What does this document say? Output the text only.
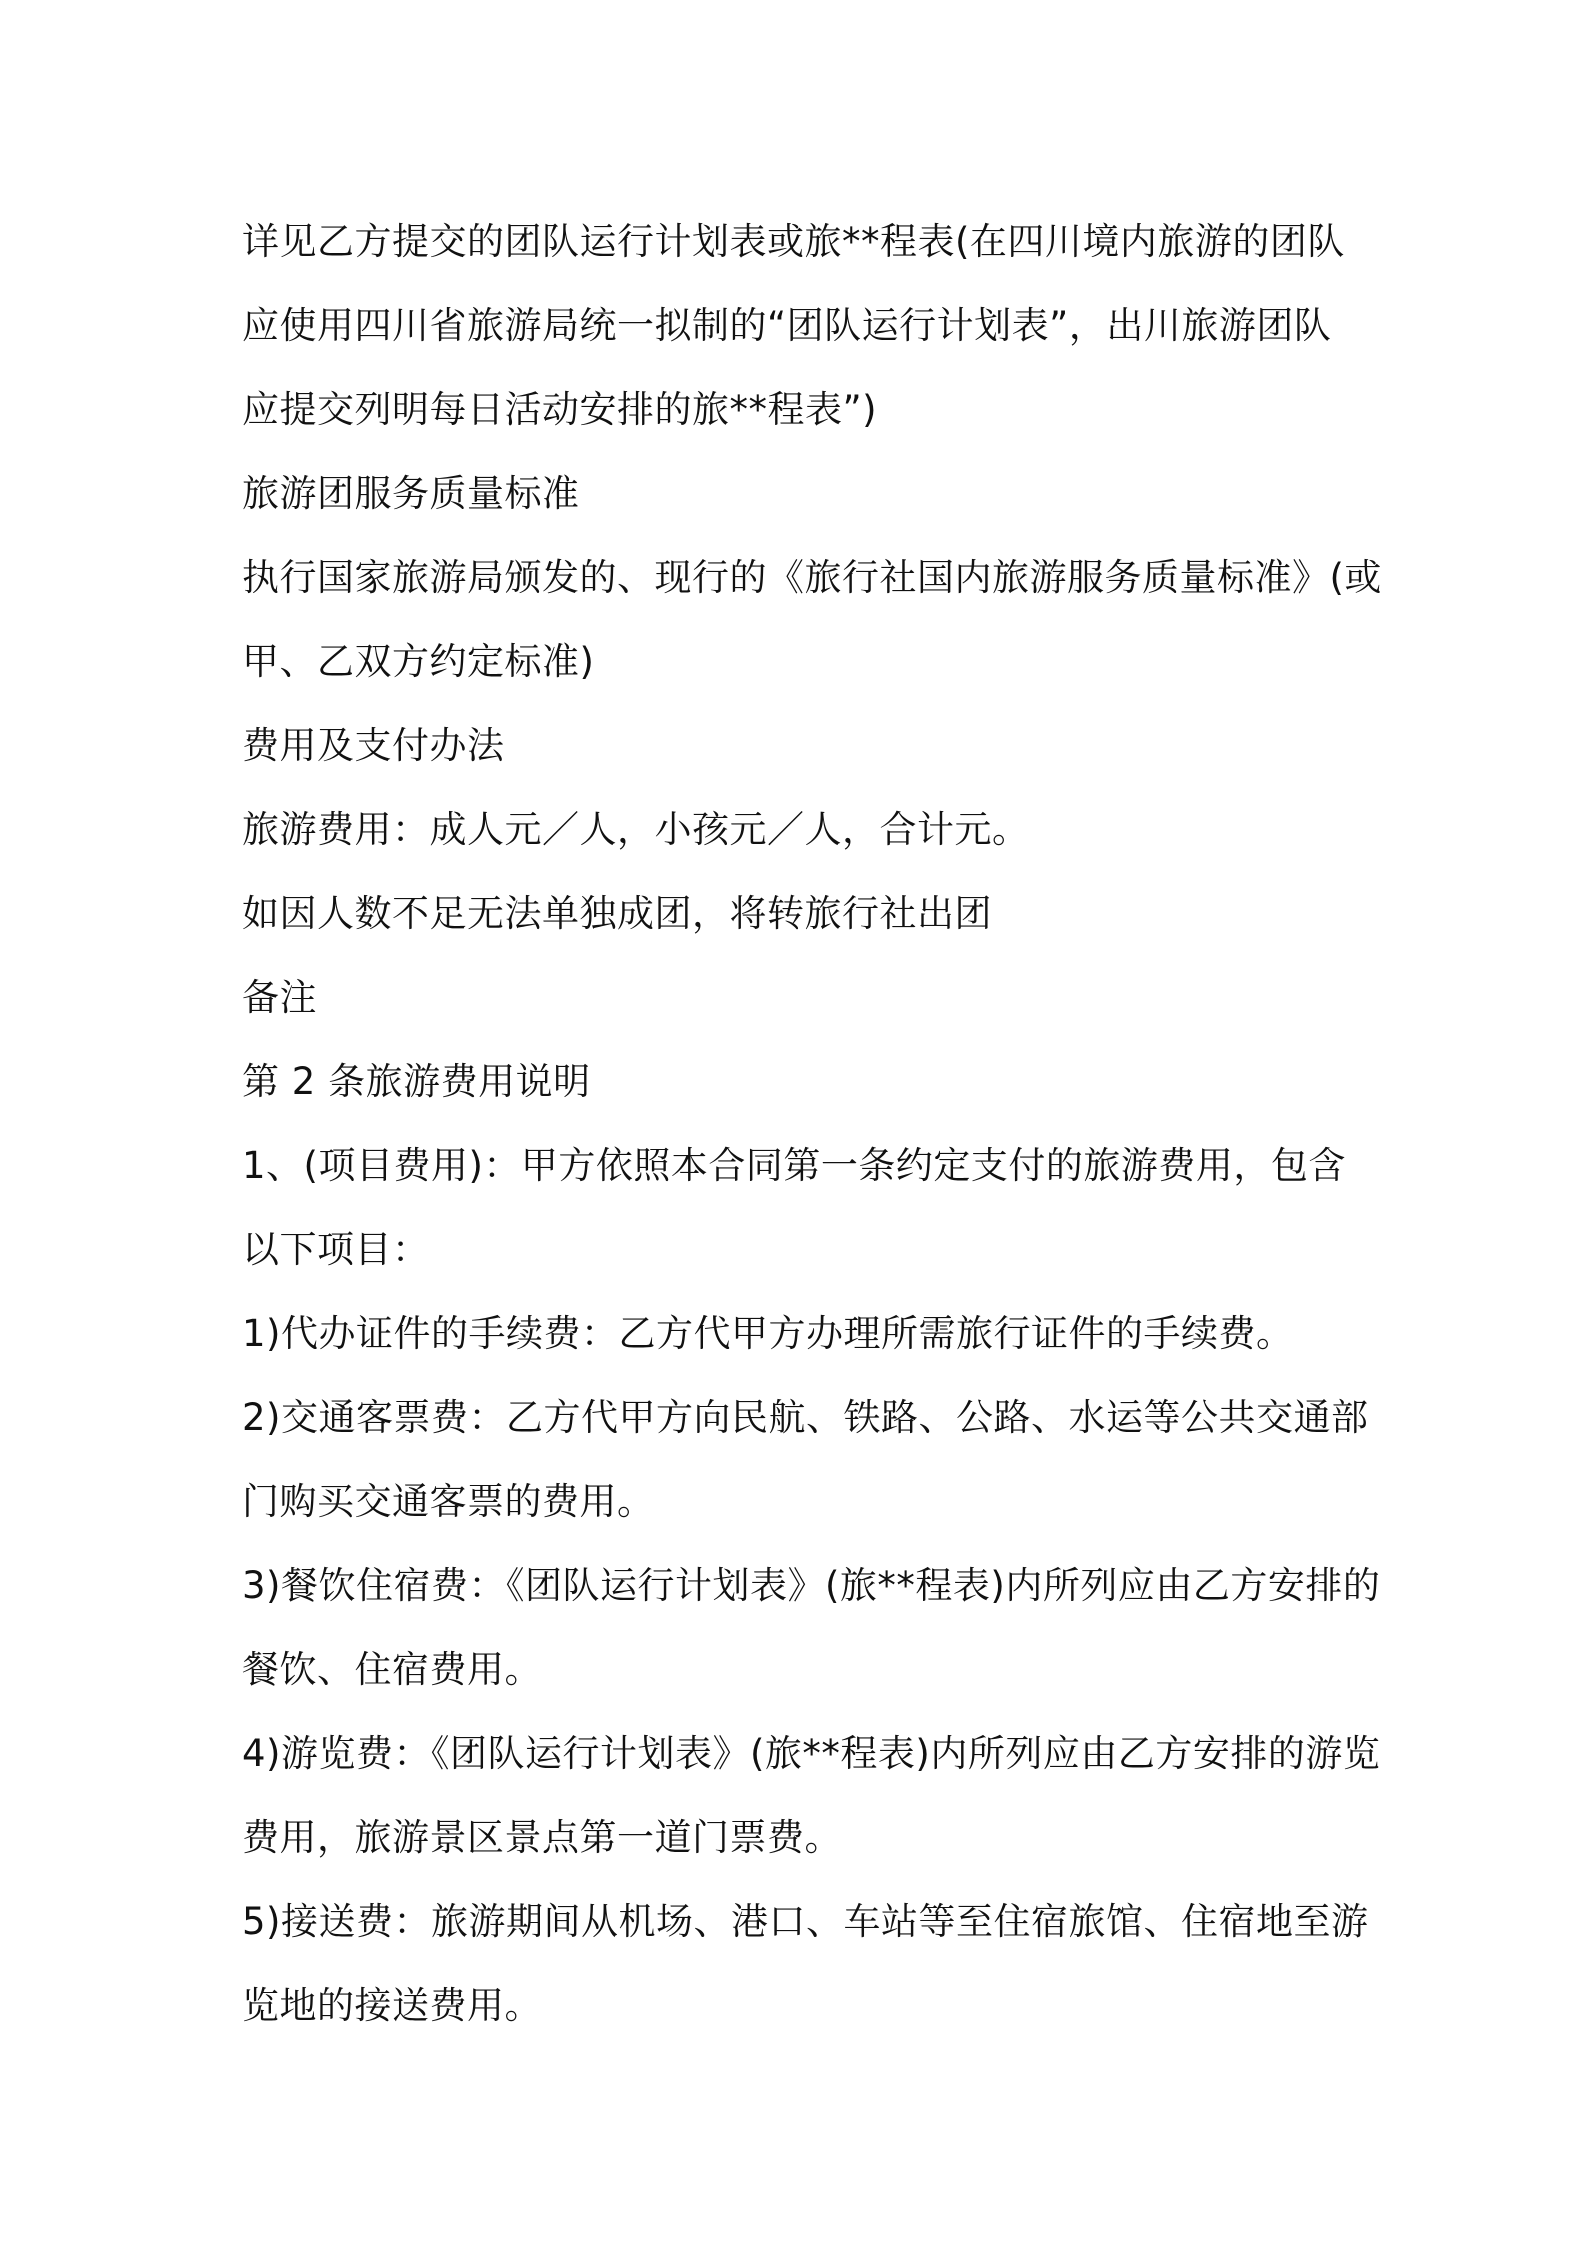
详见乙方提交的团队运行计划表或旅**程表(在四川境内旅游的团队

应使用四川省旅游局统一拟制的“团队运行计划表”，出川旅游团队

应提交列明每日活动安排的旅**程表”)

旅游团服务质量标准

执行国家旅游局颁发的、现行的《旅行社国内旅游服务质量标准》(或

甲、乙双方约定标准)

费用及支付办法

旅游费用：成人元／人，小孩元／人，合计元。

如因人数不足无法单独成团，将转旅行社出团

备注

第 2 条旅游费用说明

1、(项目费用)：甲方依照本合同第一条约定支付的旅游费用，包含

以下项目：

1)代办证件的手续费：乙方代甲方办理所需旅行证件的手续费。

2)交通客票费：乙方代甲方向民航、铁路、公路、水运等公共交通部

门购买交通客票的费用。

3)餐饮住宿费：《团队运行计划表》(旅**程表)内所列应由乙方安排的

餐饮、住宿费用。

4)游览费：《团队运行计划表》(旅**程表)内所列应由乙方安排的游览

费用，旅游景区景点第一道门票费。

5)接送费：旅游期间从机场、港口、车站等至住宿旅馆、住宿地至游

览地的接送费用。
